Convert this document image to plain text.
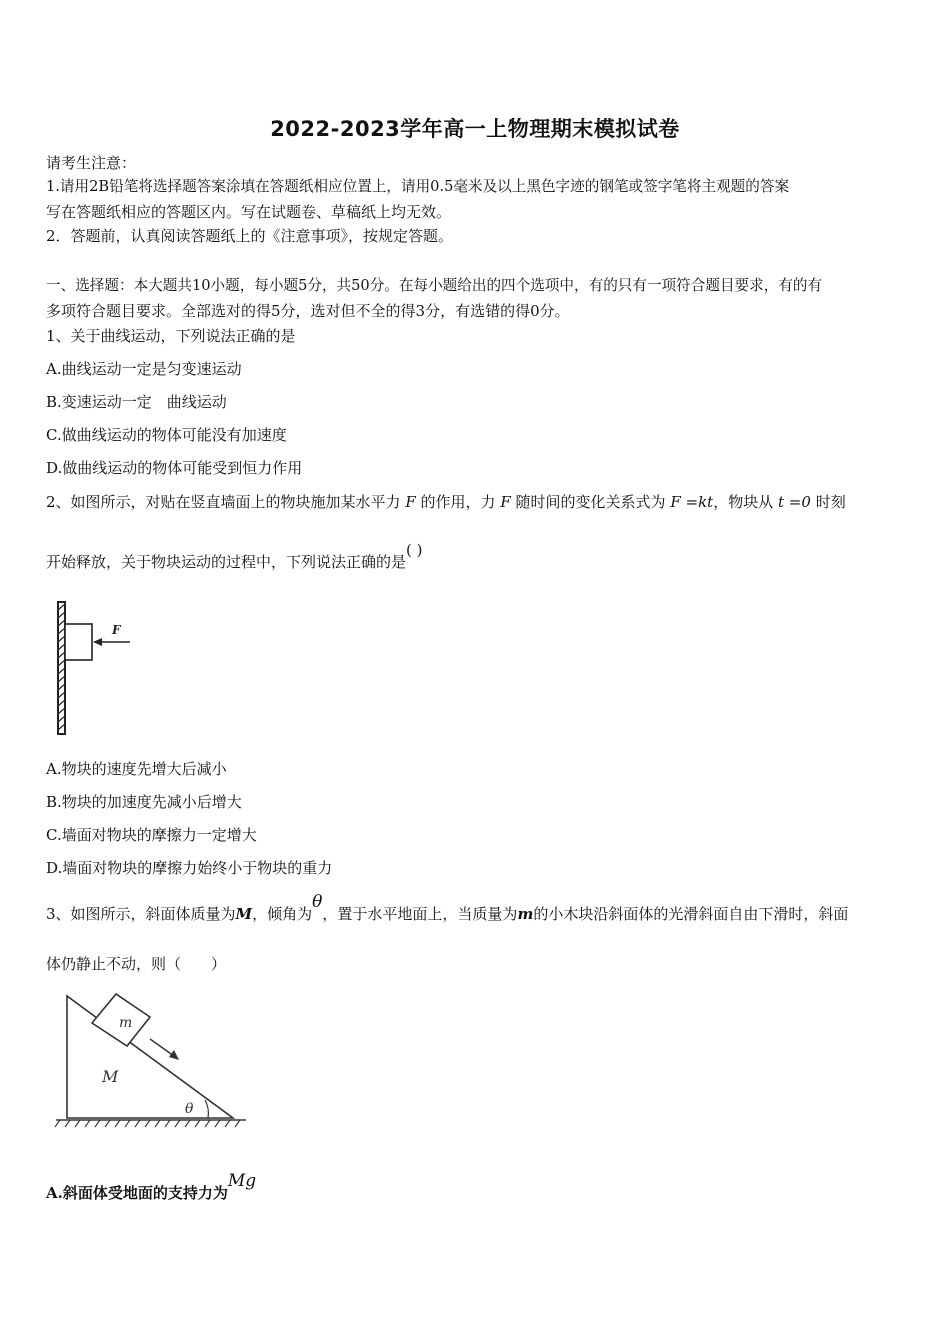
2022-2023学年高一上物理期末模拟试卷
请考生注意：
1.请用2B铅笔将选择题答案涂填在答题纸相应位置上，请用0.5毫米及以上黑色字迹的钢笔或签字笔将主观题的答案
写在答题纸相应的答题区内。写在试题卷、草稿纸上均无效。
2．答题前，认真阅读答题纸上的《注意事项》，按规定答题。
一、选择题：本大题共10小题，每小题5分，共50分。在每小题给出的四个选项中，有的只有一项符合题目要求，有的有
多项符合题目要求。全部选对的得5分，选对但不全的得3分，有选错的得0分。
1、关于曲线运动，下列说法正确的是
A.曲线运动一定是匀变速运动
B.变速运动一定　曲线运动
C.做曲线运动的物体可能没有加速度
D.做曲线运动的物体可能受到恒力作用
2、如图所示，对贴在竖直墙面上的物块施加某水平力 F 的作用，力 F 随时间的变化关系式为 F =kt，物块从 t =0 时刻
开始释放，关于物块运动的过程中，下列说法正确的是( )
F
A.物块的速度先增大后减小
B.物块的加速度先减小后增大
C.墙面对物块的摩擦力一定增大
D.墙面对物块的摩擦力始终小于物块的重力
3、如图所示，斜面体质量为M，倾角为θ，置于水平地面上，当质量为m的小木块沿斜面体的光滑斜面自由下滑时，斜面
体仍静止不动，则（　　）
m
M
θ
A.斜面体受地面的支持力为Mg
